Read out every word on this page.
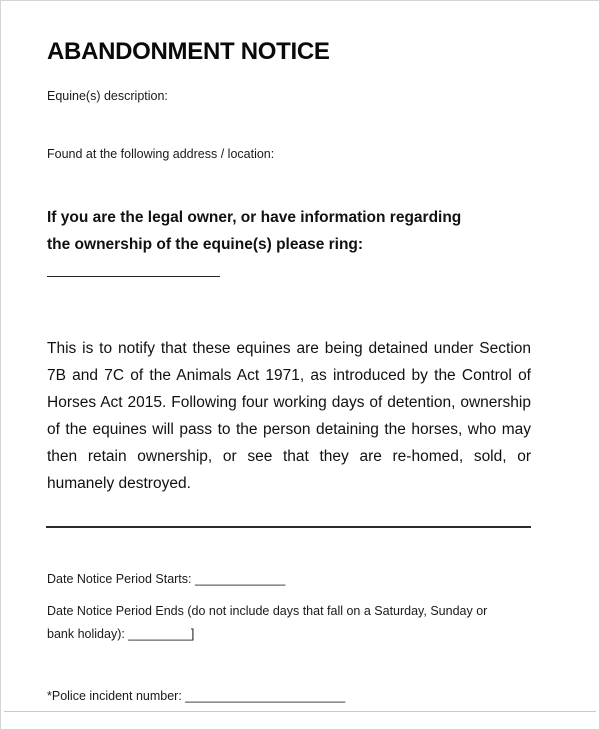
ABANDONMENT NOTICE
Equine(s) description:
Found at the following address / location:
If you are the legal owner, or have information regarding
the ownership of the equine(s) please ring:

This is to notify that these equines are being detained under Section 7B and 7C of the Animals Act 1971, as introduced by the Control of Horses Act 2015. Following four working days of detention, ownership of the equines will pass to the person detaining the horses, who may then retain ownership, or see that they are re-homed, sold, or humanely destroyed.

Date Notice Period Starts: _____________
Date Notice Period Ends (do not include days that fall on a Saturday, Sunday or
bank holiday): _________]
*Police incident number: _______________________
